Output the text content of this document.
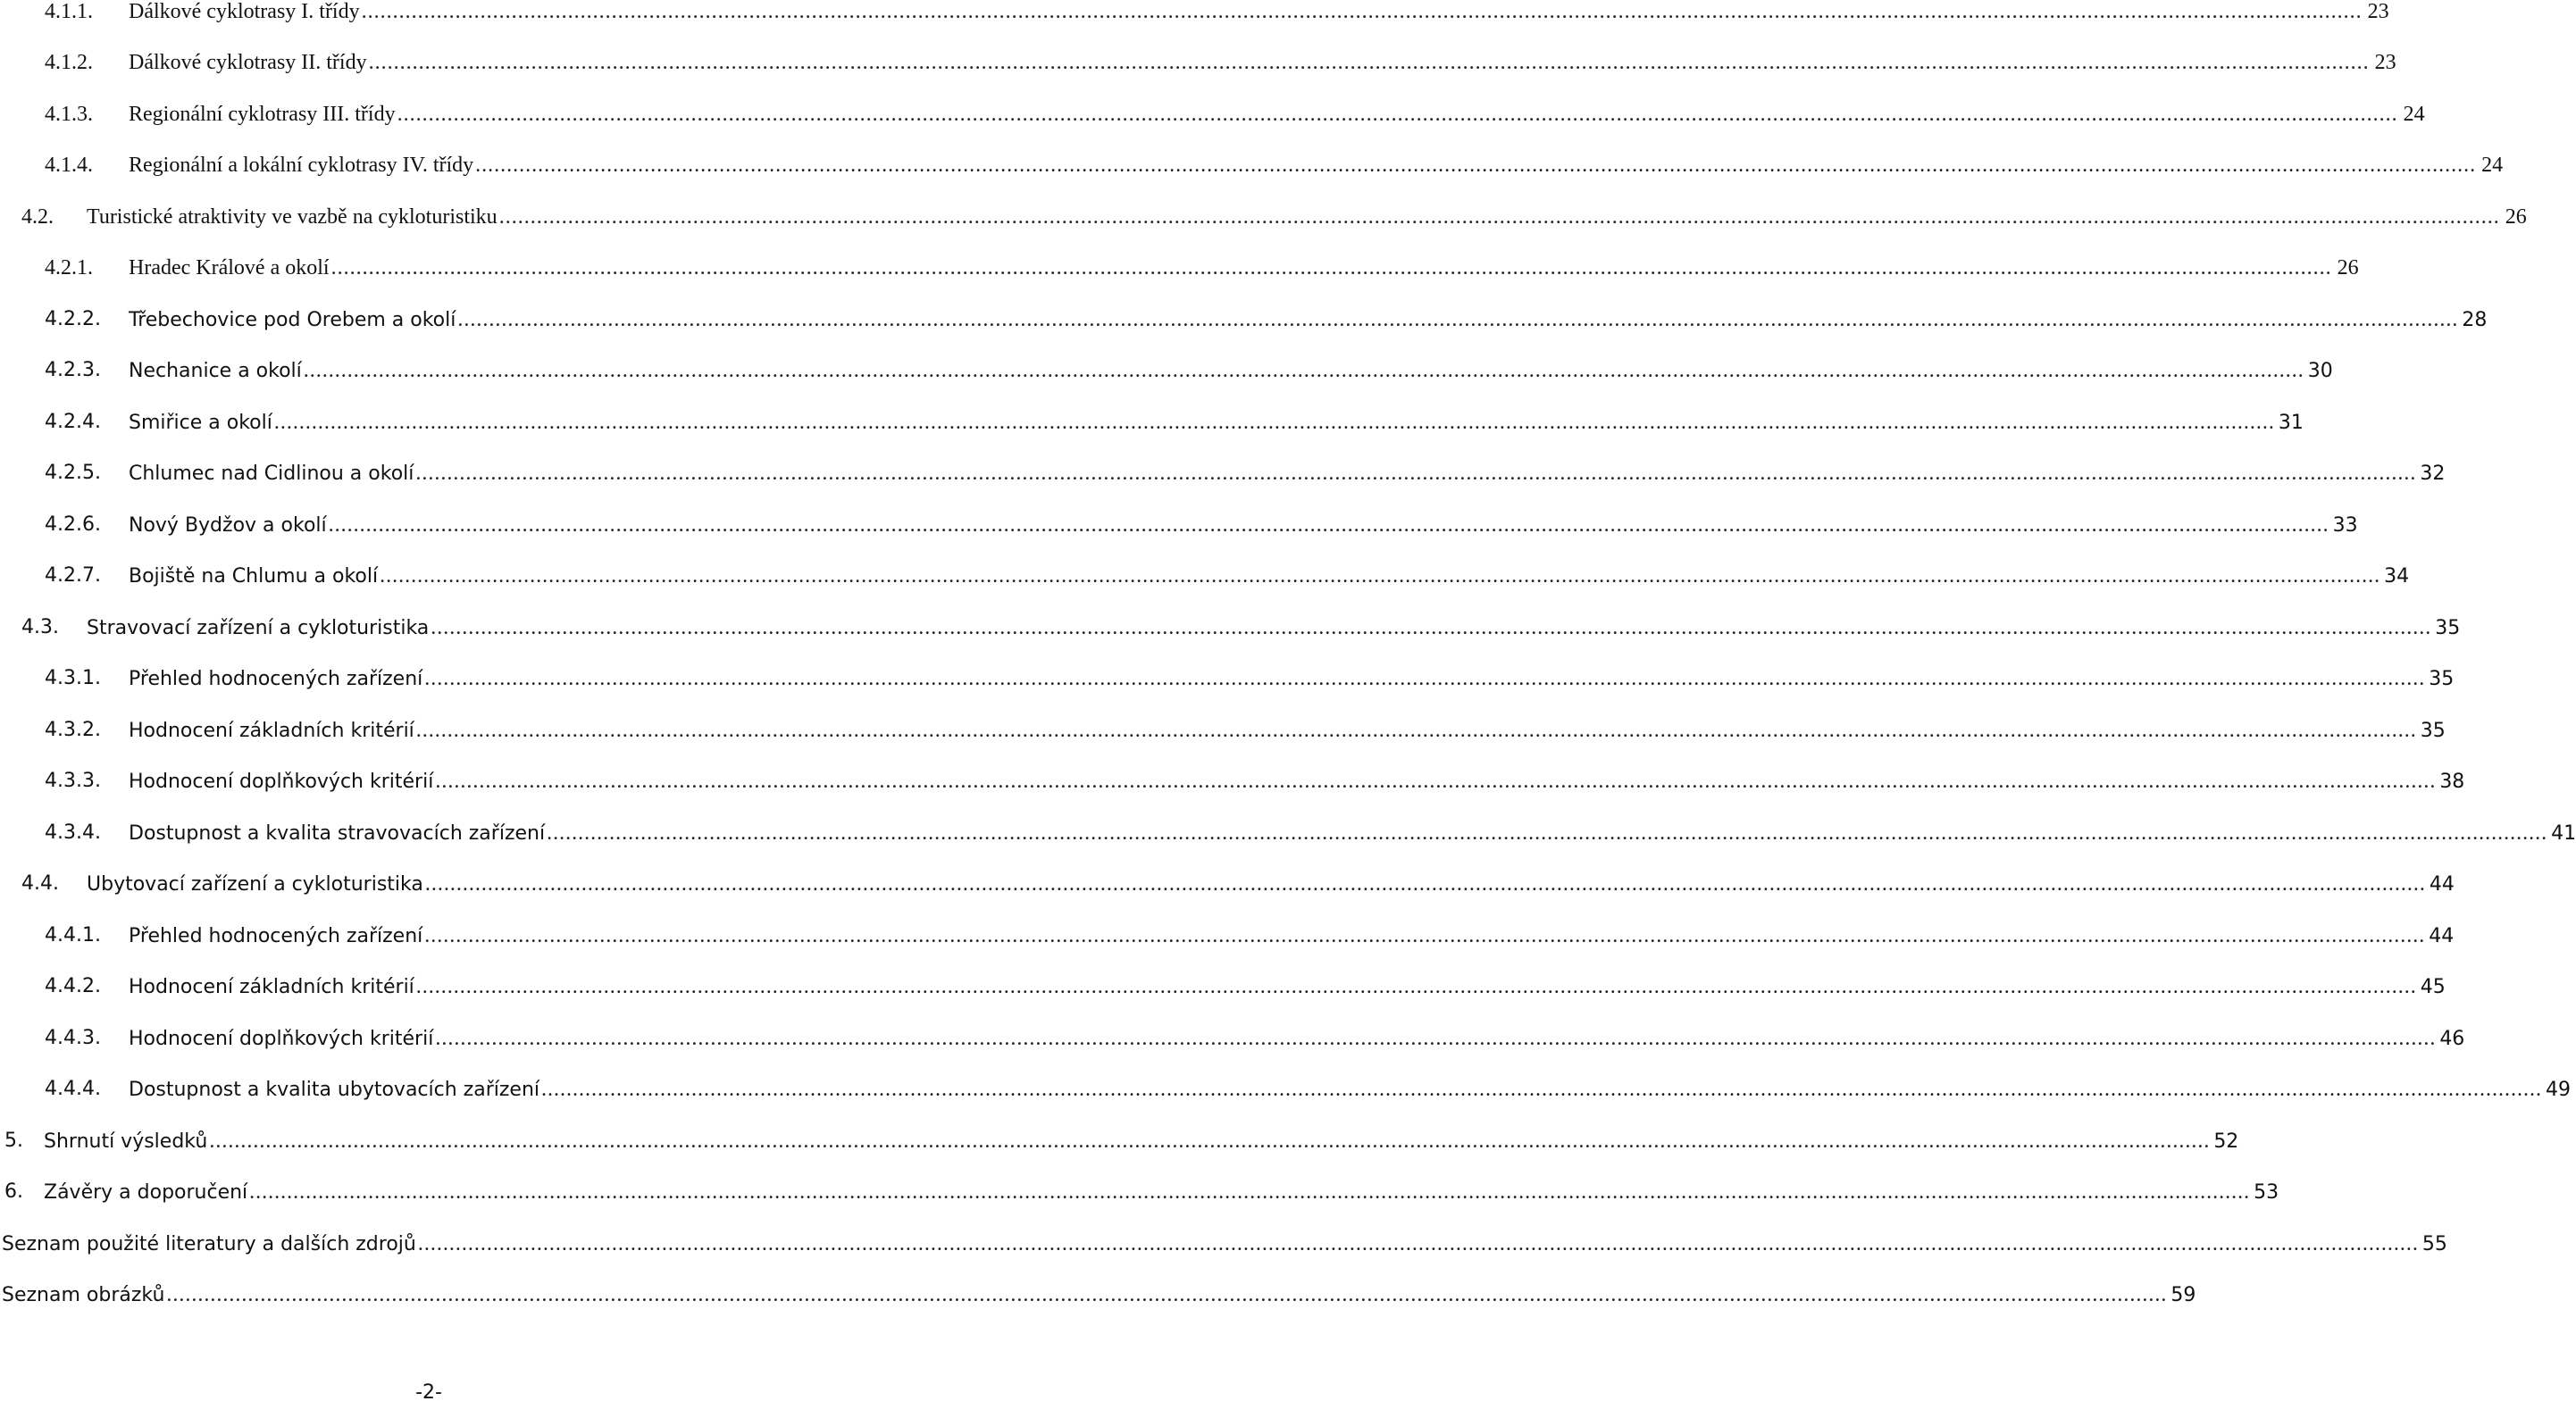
4.1.1. Dálkové cyklotrasy I. třídy ................................................................................................................................................................................................................................................................................................................................ 23
4.1.2. Dálkové cyklotrasy II. třídy ................................................................................................................................................................................................................................................................................................................................ 23
4.1.3. Regionální cyklotrasy III. třídy ................................................................................................................................................................................................................................................................................................................................ 24
4.1.4. Regionální a lokální cyklotrasy IV. třídy ................................................................................................................................................................................................................................................................................................................................ 24
4.2. Turistické atraktivity ve vazbě na cykloturistiku ................................................................................................................................................................................................................................................................................................................................ 26
4.2.1. Hradec Králové a okolí ................................................................................................................................................................................................................................................................................................................................ 26
4.2.2. Třebechovice pod Orebem a okolí ................................................................................................................................................................................................................................................................................................................................ 28
4.2.3. Nechanice a okolí ................................................................................................................................................................................................................................................................................................................................ 30
4.2.4. Smiřice a okolí ................................................................................................................................................................................................................................................................................................................................ 31
4.2.5. Chlumec nad Cidlinou a okolí ................................................................................................................................................................................................................................................................................................................................ 32
4.2.6. Nový Bydžov a okolí ................................................................................................................................................................................................................................................................................................................................ 33
4.2.7. Bojiště na Chlumu a okolí ................................................................................................................................................................................................................................................................................................................................ 34
4.3. Stravovací zařízení a cykloturistika ................................................................................................................................................................................................................................................................................................................................ 35
4.3.1. Přehled hodnocených zařízení ................................................................................................................................................................................................................................................................................................................................ 35
4.3.2. Hodnocení základních kritérií ................................................................................................................................................................................................................................................................................................................................ 35
4.3.3. Hodnocení doplňkových kritérií ................................................................................................................................................................................................................................................................................................................................ 38
4.3.4. Dostupnost a kvalita stravovacích zařízení ................................................................................................................................................................................................................................................................................................................................ 41
4.4. Ubytovací zařízení a cykloturistika ................................................................................................................................................................................................................................................................................................................................ 44
4.4.1. Přehled hodnocených zařízení ................................................................................................................................................................................................................................................................................................................................ 44
4.4.2. Hodnocení základních kritérií ................................................................................................................................................................................................................................................................................................................................ 45
4.4.3. Hodnocení doplňkových kritérií ................................................................................................................................................................................................................................................................................................................................ 46
4.4.4. Dostupnost a kvalita ubytovacích zařízení ................................................................................................................................................................................................................................................................................................................................ 49
5. Shrnutí výsledků ................................................................................................................................................................................................................................................................................................................................ 52
6. Závěry a doporučení ................................................................................................................................................................................................................................................................................................................................ 53
Seznam použité literatury a dalších zdrojů ................................................................................................................................................................................................................................................................................................................................ 55
Seznam obrázků ................................................................................................................................................................................................................................................................................................................................ 59
-2-
